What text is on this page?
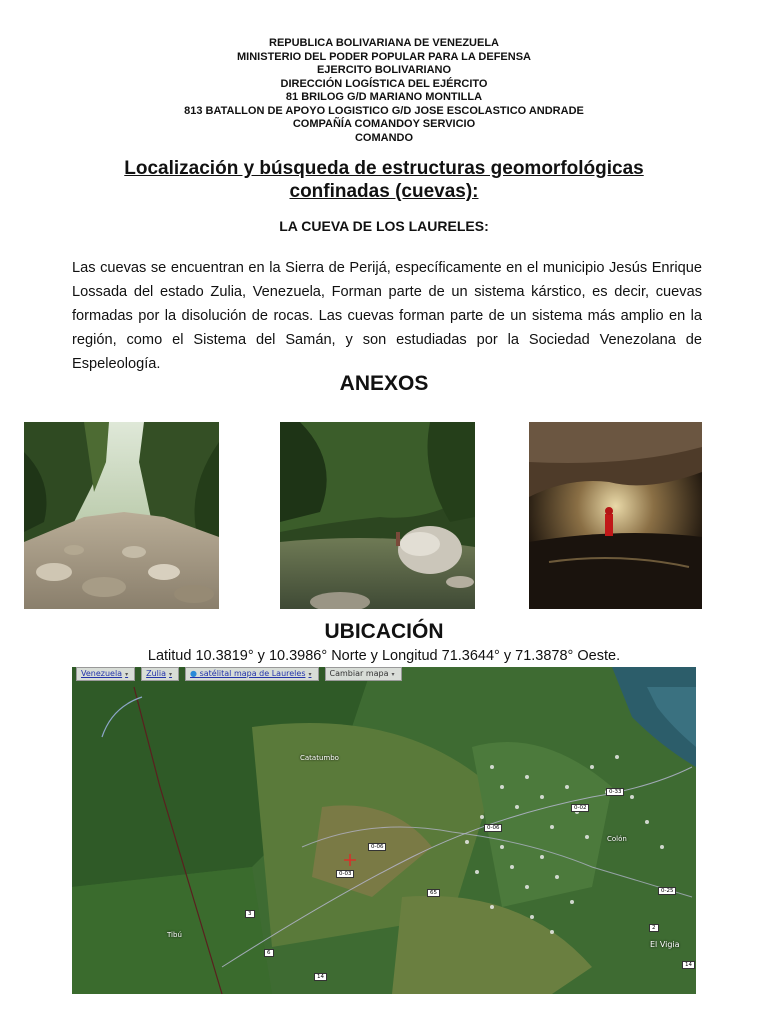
REPUBLICA BOLIVARIANA DE VENEZUELA
MINISTERIO DEL PODER POPULAR PARA LA DEFENSA
EJERCITO BOLIVARIANO
DIRECCIÓN LOGÍSTICA DEL EJÉRCITO
81 BRILOG G/D MARIANO MONTILLA
813 BATALLON DE APOYO LOGISTICO G/D JOSE ESCOLASTICO ANDRADE
COMPAÑÍA COMANDOY SERVICIO
COMANDO
Localización y búsqueda de estructuras geomorfológicas confinadas (cuevas):
LA CUEVA DE LOS LAURELES:
Las cuevas se encuentran en la Sierra de Perijá, específicamente en el municipio Jesús Enrique Lossada del estado Zulia, Venezuela, Forman parte de un sistema kárstico, es decir, cuevas formadas por la disolución de rocas. Las cuevas forman parte de un sistema más amplio en la región, como el Sistema del Samán, y son estudiadas por la Sociedad Venezolana de Espeleología.
ANEXOS
UBICACIÓN
Latitud 10.3819° y 10.3986° Norte y Longitud 71.3644° y 71.3878° Oeste.
Venezuela ▾	Zulia ▾	● satélital mapa de Laureles ▾	Cambiar mapa ▾
Catatumbo
Colón
Tibú
El Vigia
0-33
0-02
0-06
0-06
0-03
65	0-25
3
6
14
2
14
